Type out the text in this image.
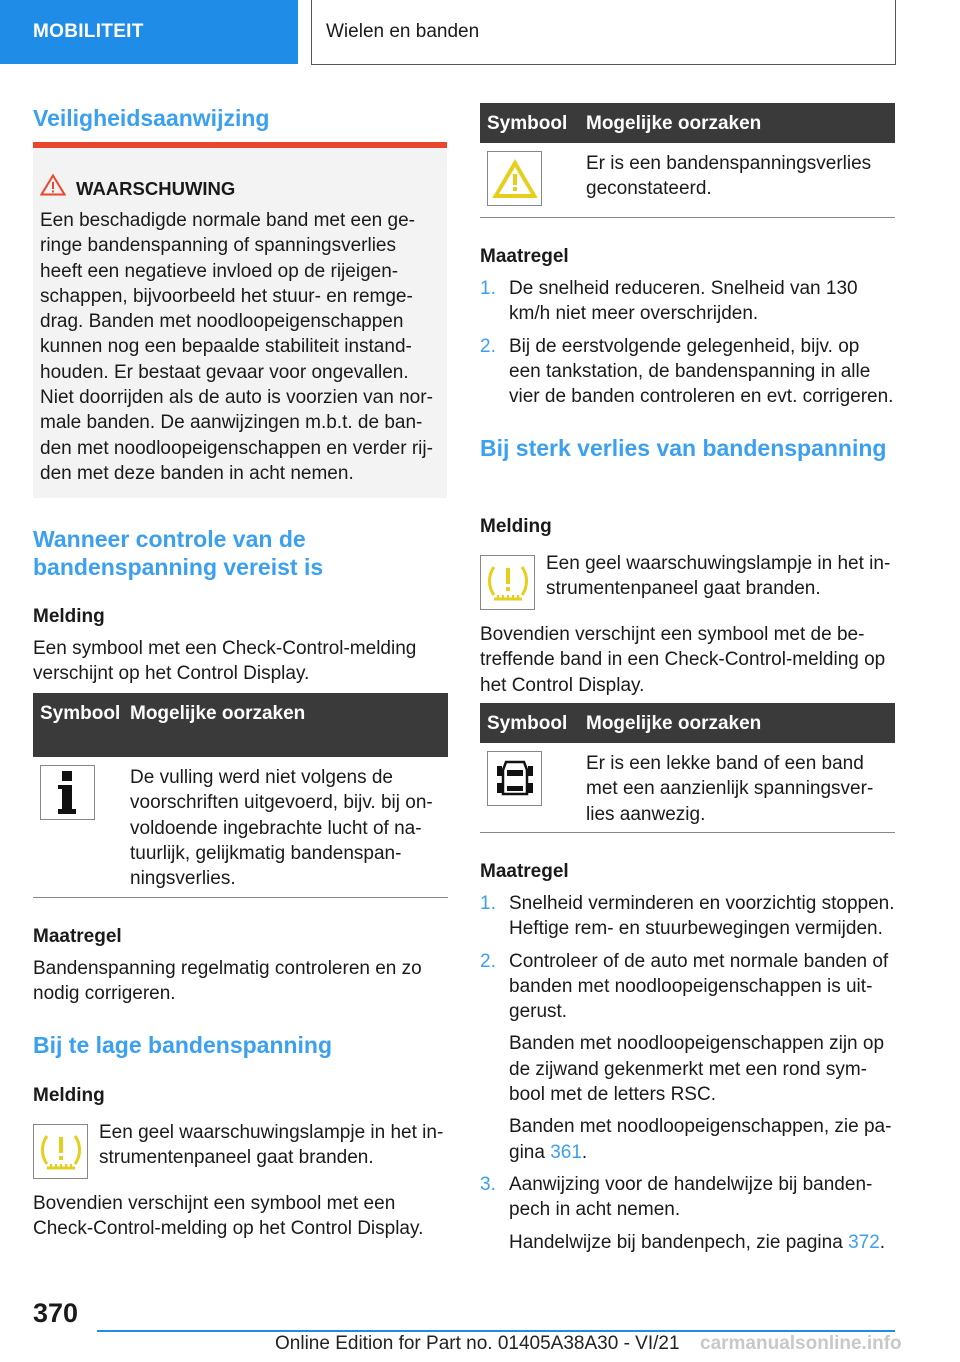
MOBILITEIT	Wielen en banden
Veiligheidsaanwijzing
WAARSCHUWING
Een beschadigde normale band met een geringe bandenspanning of spanningsverlies heeft een negatieve invloed op de rijeigenschappen, bijvoorbeeld het stuur- en remgedrag. Banden met noodloopeigenschappen kunnen nog een bepaalde stabiliteit instandhouden. Er bestaat gevaar voor ongevallen. Niet doorrijden als de auto is voorzien van normale banden. De aanwijzingen m.b.t. de banden met noodloopeigenschappen en verder rijden met deze banden in acht nemen.
Wanneer controle van de bandenspanning vereist is
Melding
Een symbool met een Check-Control-melding verschijnt op het Control Display.
Symbool Mogelijke oorzaken
De vulling werd niet volgens de voorschriften uitgevoerd, bijv. bij onvoldoende ingebrachte lucht of natuurlijk, gelijkmatig bandenspanningsverlies.
Maatregel
Bandenspanning regelmatig controleren en zo nodig corrigeren.
Bij te lage bandenspanning
Melding
Een geel waarschuwingslampje in het instrumentenpaneel gaat branden.
Bovendien verschijnt een symbool met een Check-Control-melding op het Control Display.
Symbool Mogelijke oorzaken
Er is een bandenspanningsverlies geconstateerd.
Maatregel
1. De snelheid reduceren. Snelheid van 130 km/h niet meer overschrijden.
2. Bij de eerstvolgende gelegenheid, bijv. op een tankstation, de bandenspanning in alle vier de banden controleren en evt. corrigeren.
Bij sterk verlies van bandenspanning
Melding
Een geel waarschuwingslampje in het instrumentenpaneel gaat branden.
Bovendien verschijnt een symbool met de betreffende band in een Check-Control-melding op het Control Display.
Symbool Mogelijke oorzaken
Er is een lekke band of een band met een aanzienlijk spanningsverlies aanwezig.
Maatregel
1. Snelheid verminderen en voorzichtig stoppen. Heftige rem- en stuurbewegingen vermijden.
2. Controleer of de auto met normale banden of banden met noodloopeigenschappen is uitgerust.
Banden met noodloopeigenschappen zijn op de zijwand gekenmerkt met een rond symbool met de letters RSC.
Banden met noodloopeigenschappen, zie pagina 361.
3. Aanwijzing voor de handelwijze bij bandenpech in acht nemen.
Handelwijze bij bandenpech, zie pagina 372.
370
Online Edition for Part no. 01405A38A30 - VI/21 carmanualsonline.info
